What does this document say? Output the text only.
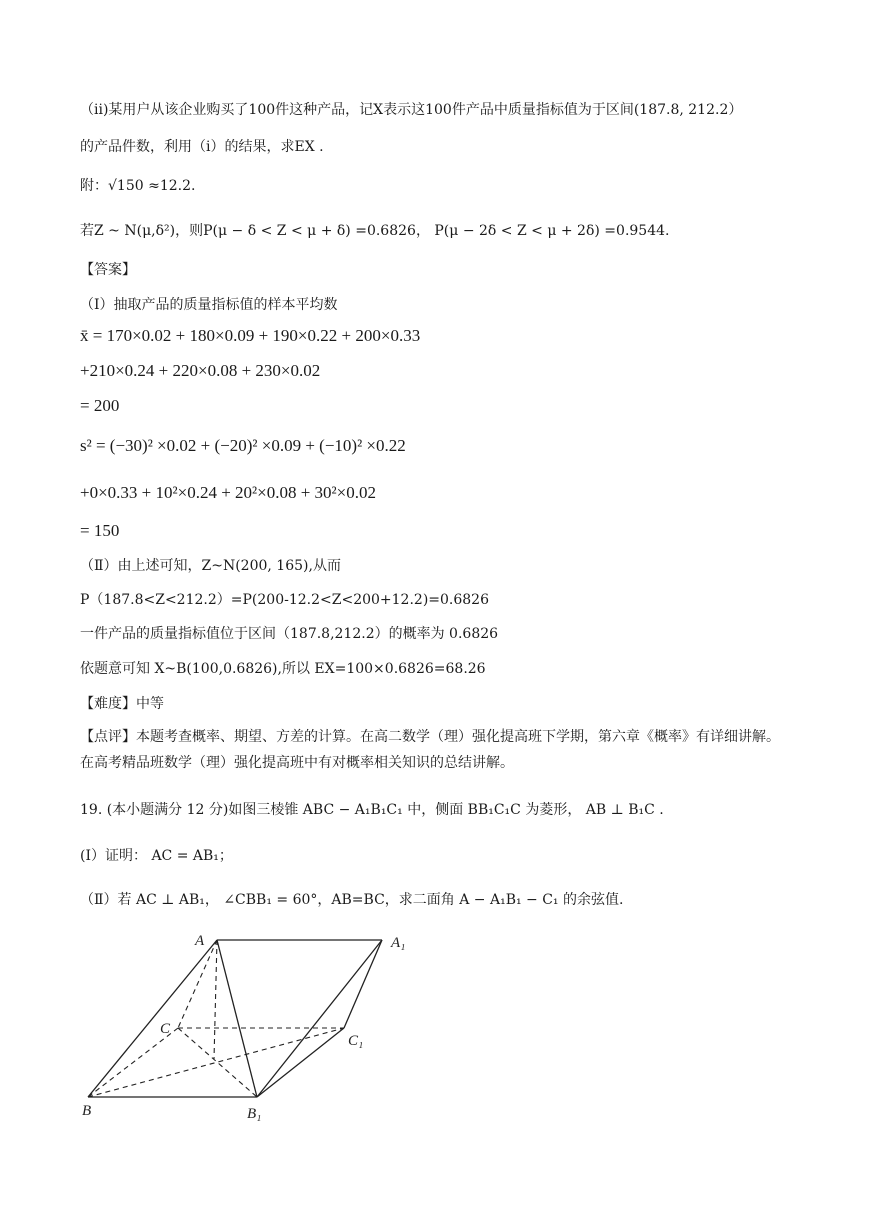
（ii)某用户从该企业购买了100件这种产品，记X表示这100件产品中质量指标值为于区间(187.8, 212.2）
的产品件数，利用（i）的结果，求EX .
附：√150 ≈12.2.
若Z ~ N(μ,δ²)，则P(μ − δ < Z < μ + δ) =0.6826， P(μ − 2δ < Z < μ + 2δ) =0.9544.
【答案】
（Ⅰ）抽取产品的质量指标值的样本平均数
x̄ = 170×0.02 + 180×0.09 + 190×0.22 + 200×0.33
+210×0.24 + 220×0.08 + 230×0.02
= 200
s² = (−30)² ×0.02 + (−20)² ×0.09 + (−10)² ×0.22
+0×0.33 + 10²×0.24 + 20²×0.08 + 30²×0.02
= 150
（Ⅱ）由上述可知，Z~N(200, 165),从而
P（187.8<Z<212.2）=P(200-12.2<Z<200+12.2)=0.6826
一件产品的质量指标值位于区间（187.8,212.2）的概率为 0.6826
依题意可知 X~B(100,0.6826),所以 EX=100×0.6826=68.26
【难度】中等
【点评】本题考查概率、期望、方差的计算。在高二数学（理）强化提高班下学期，第六章《概率》有详细讲解。在高考精品班数学（理）强化提高班中有对概率相关知识的总结讲解。
19. (本小题满分 12 分)如图三棱锥 ABC − A₁B₁C₁ 中，侧面 BB₁C₁C 为菱形， AB ⊥ B₁C .
(Ⅰ）证明： AC = AB₁；
（Ⅱ）若 AC ⊥ AB₁， ∠CBB₁ = 60°，AB=BC，求二面角 A − A₁B₁ − C₁ 的余弦值.
A	A₁
C
C₁
B	B₁
